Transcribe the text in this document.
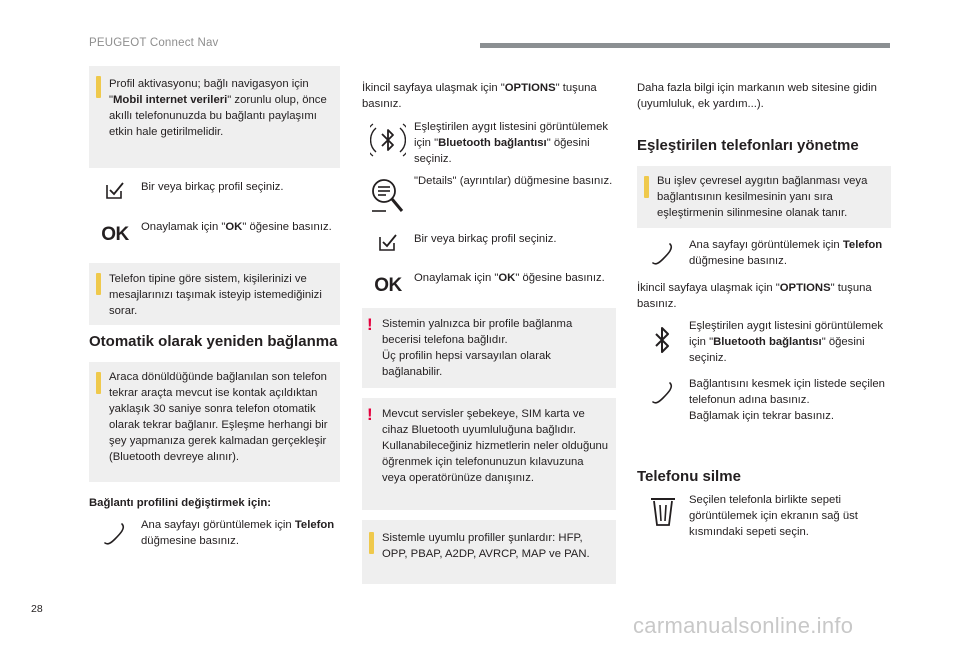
PEUGEOT Connect Nav

Profil aktivasyonu; bağlı navigasyon için "Mobil internet verileri" zorunlu olup, önce akıllı telefonunuzda bu bağlantı paylaşımı etkin hale getirilmelidir.

Bir veya birkaç profil seçiniz.
OK Onaylamak için "OK" öğesine basınız.

Telefon tipine göre sistem, kişilerinizi ve mesajlarınızı taşımak isteyip istemediğinizi sorar.

Otomatik olarak yeniden bağlanma

Araca dönüldüğünde bağlanılan son telefon tekrar araçta mevcut ise kontak açıldıktan yaklaşık 30 saniye sonra telefon otomatik olarak tekrar bağlanır. Eşleşme herhangi bir şey yapmanıza gerek kalmadan gerçekleşir (Bluetooth devreye alınır).

Bağlantı profilini değiştirmek için:

Ana sayfayı görüntülemek için Telefon düğmesine basınız.

İkincil sayfaya ulaşmak için "OPTIONS" tuşuna basınız.

Eşleştirilen aygıt listesini görüntülemek için "Bluetooth bağlantısı" öğesini seçiniz.
"Details" (ayrıntılar) düğmesine basınız.
Bir veya birkaç profil seçiniz.
OK Onaylamak için "OK" öğesine basınız.
! Sistemin yalnızca bir profile bağlanma becerisi telefona bağlıdır.

Üç profilin hepsi varsayılan olarak bağlanabilir.

! Mevcut servisler şebekeye, SIM karta ve cihaz Bluetooth uyumluluğuna bağlıdır. Kullanabileceğiniz hizmetlerin neler olduğunu öğrenmek için telefonunuzun kılavuzuna veya operatörünüze danışınız.

Sistemle uyumlu profiller şunlardır: HFP, OPP, PBAP, A2DP, AVRCP, MAP ve PAN.

Daha fazla bilgi için markanın web sitesine gidin (uyumluluk, ek yardım...).

Eşleştirilen telefonları yönetme

Bu işlev çevresel aygıtın bağlanması veya bağlantısının kesilmesinin yanı sıra eşleştirmenin silinmesine olanak tanır.

Ana sayfayı görüntülemek için Telefon düğmesine basınız.

İkincil sayfaya ulaşmak için "OPTIONS" tuşuna basınız.

Eşleştirilen aygıt listesini görüntülemek için "Bluetooth bağlantısı" öğesini seçiniz.
Bağlantısını kesmek için listede seçilen telefonun adına basınız.
Bağlamak için tekrar basınız.
Telefonu silme
Seçilen telefonla birlikte sepeti görüntülemek için ekranın sağ üst kısmındaki sepeti seçin.
28
carmanualsonline.info
